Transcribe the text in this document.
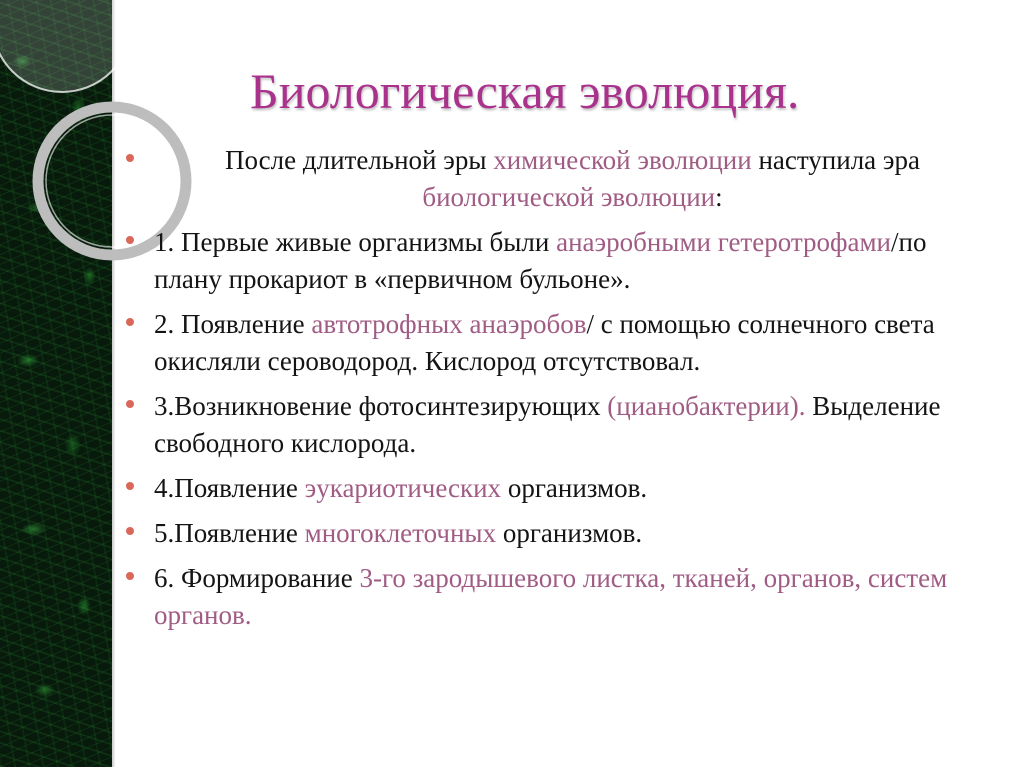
Биологическая эволюция.
После длительной эры химической эволюции наступила эра биологической эволюции:
1. Первые живые организмы были анаэробными гетеротрофами/по плану прокариот в «первичном бульоне».
2. Появление автотрофных анаэробов/ с помощью солнечного света окисляли сероводород. Кислород отсутствовал.
3.Возникновение фотосинтезирующих (цианобактерии). Выделение свободного кислорода.
4.Появление эукариотических организмов.
5.Появление многоклеточных организмов.
6. Формирование 3-го зародышевого листка, тканей, органов, систем органов.
